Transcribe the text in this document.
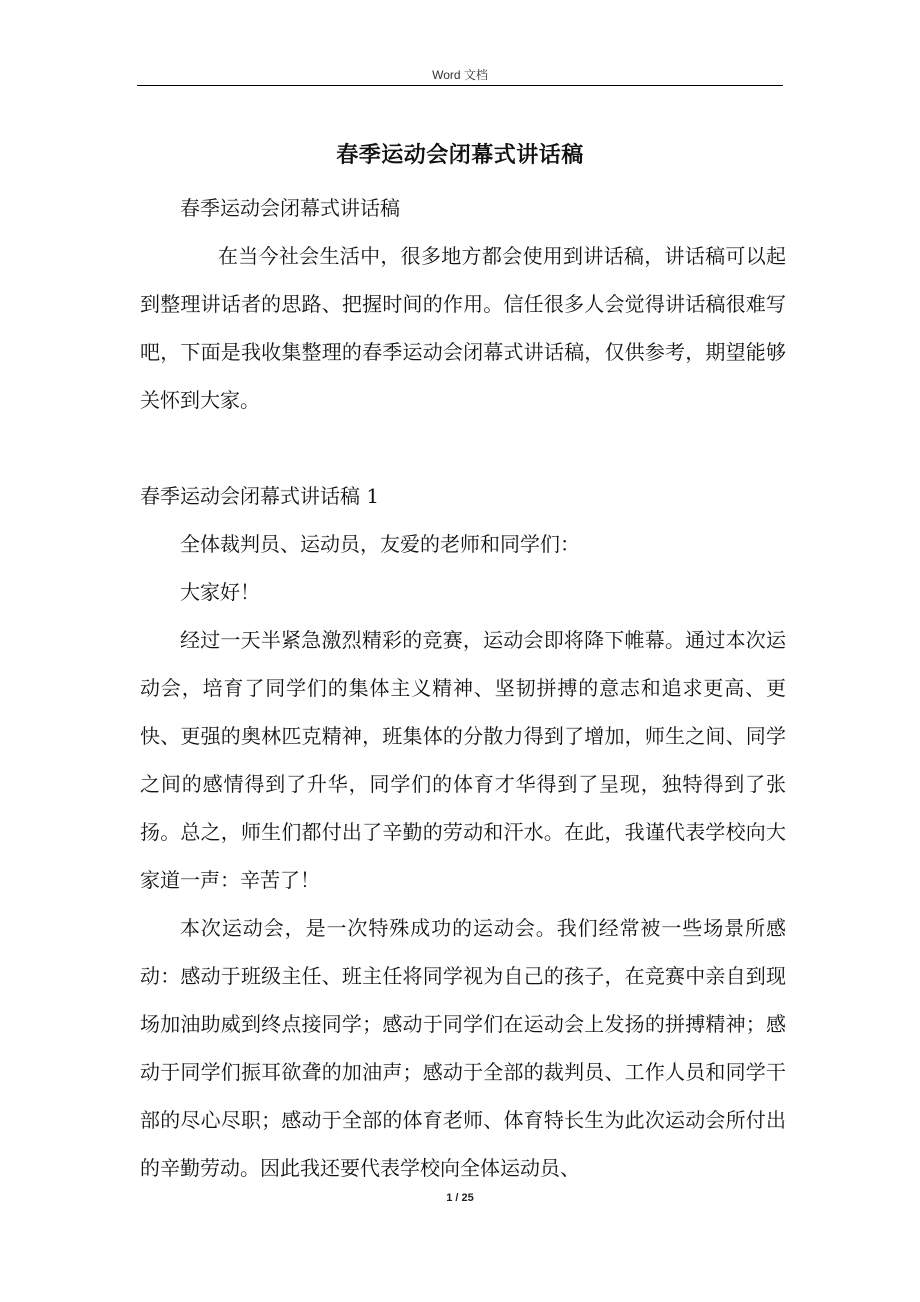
Word 文档
春季运动会闭幕式讲话稿

春季运动会闭幕式讲话稿

在当今社会生活中，很多地方都会使用到讲话稿，讲话稿可以起到整理讲话者的思路、把握时间的作用。信任很多人会觉得讲话稿很难写吧，下面是我收集整理的春季运动会闭幕式讲话稿，仅供参考，期望能够关怀到大家。

春季运动会闭幕式讲话稿 1

全体裁判员、运动员，友爱的老师和同学们：

大家好！

经过一天半紧急激烈精彩的竞赛，运动会即将降下帷幕。通过本次运动会，培育了同学们的集体主义精神、坚韧拼搏的意志和追求更高、更快、更强的奥林匹克精神，班集体的分散力得到了增加，师生之间、同学之间的感情得到了升华，同学们的体育才华得到了呈现，独特得到了张扬。总之，师生们都付出了辛勤的劳动和汗水。在此，我谨代表学校向大家道一声：辛苦了！

本次运动会，是一次特殊成功的运动会。我们经常被一些场景所感动：感动于班级主任、班主任将同学视为自己的孩子，在竞赛中亲自到现场加油助威到终点接同学；感动于同学们在运动会上发扬的拼搏精神；感动于同学们振耳欲聋的加油声；感动于全部的裁判员、工作人员和同学干部的尽心尽职；感动于全部的体育老师、体育特长生为此次运动会所付出的辛勤劳动。因此我还要代表学校向全体运动员、

1 / 25
